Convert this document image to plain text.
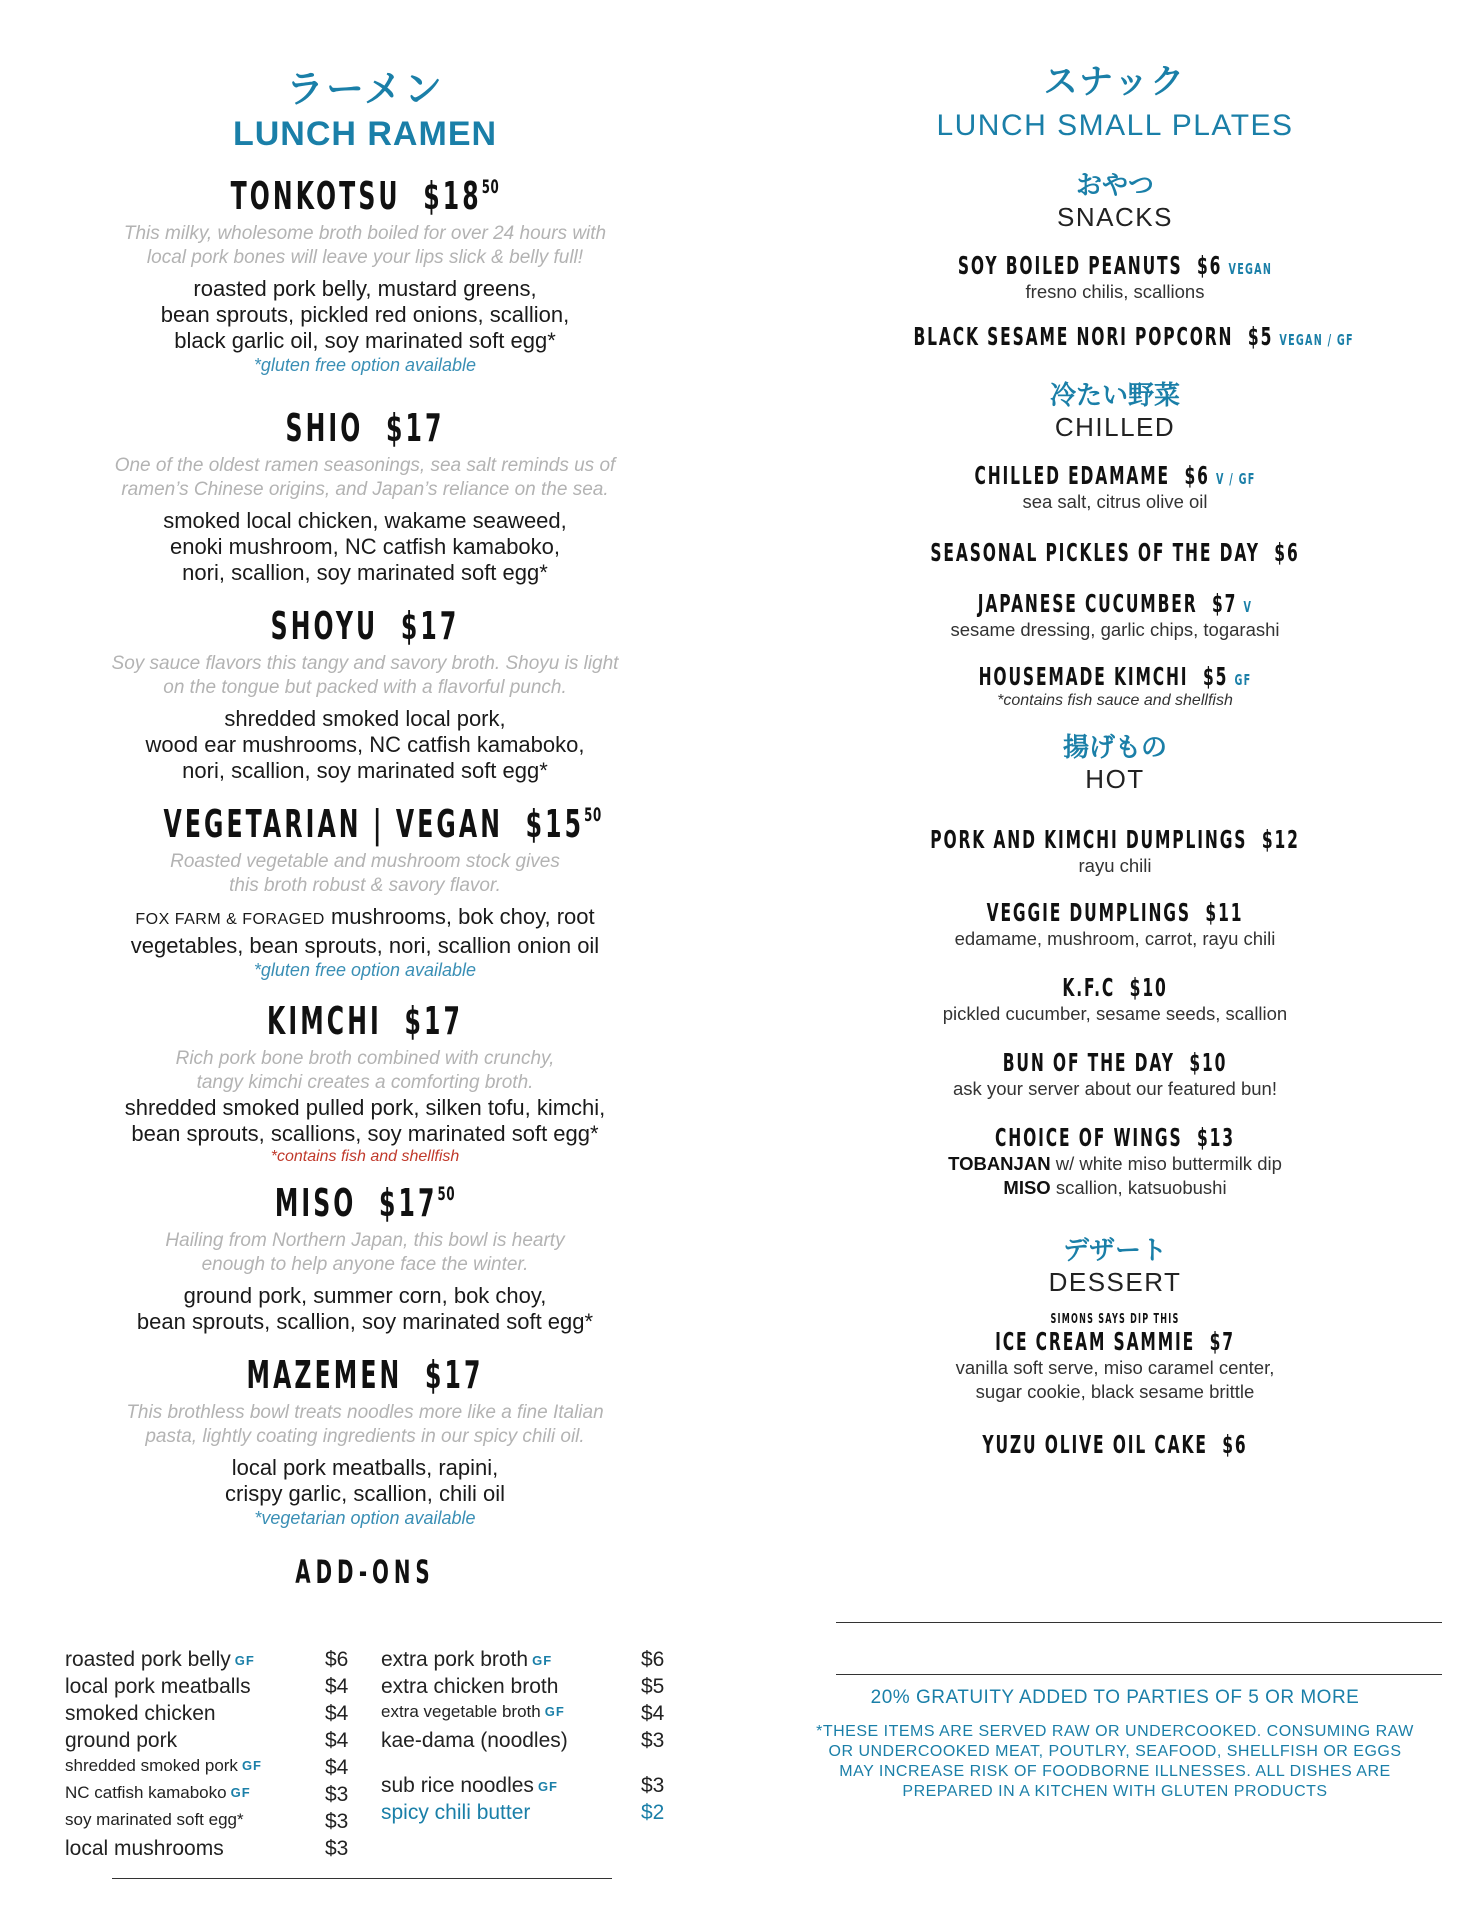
ラーメン
LUNCH RAMEN
TONKOTSU $\$18^{50}$
This milky, wholesome broth boiled for over 24 hours with
local pork bones will leave your lips slick & belly full!
roasted pork belly, mustard greens,
bean sprouts, pickled red onions, scallion,
black garlic oil, soy marinated soft egg*
*gluten free option available
SHIO $17
One of the oldest ramen seasonings, sea salt reminds us of
ramen’s Chinese origins, and Japan’s reliance on the sea.
smoked local chicken, wakame seaweed,
enoki mushroom, NC catfish kamaboko,
nori, scallion, soy marinated soft egg*
SHOYU $17
Soy sauce flavors this tangy and savory broth. Shoyu is light
on the tongue but packed with a flavorful punch.
shredded smoked local pork,
wood ear mushrooms, NC catfish kamaboko,
nori, scallion, soy marinated soft egg*
VEGETARIAN | VEGAN $\$15^{50}$
Roasted vegetable and mushroom stock gives
this broth robust & savory flavor.
FOX FARM & FORAGED mushrooms, bok choy, root
vegetables, bean sprouts, nori, scallion onion oil
*gluten free option available
KIMCHI $17
Rich pork bone broth combined with crunchy,
tangy kimchi creates a comforting broth.
shredded smoked pulled pork, silken tofu, kimchi,
bean sprouts, scallions, soy marinated soft egg*
*contains fish and shellfish
MISO $\$17^{50}$
Hailing from Northern Japan, this bowl is hearty
enough to help anyone face the winter.
ground pork, summer corn, bok choy,
bean sprouts, scallion, soy marinated soft egg*
MAZEMEN $17
This brothless bowl treats noodles more like a fine Italian
pasta, lightly coating ingredients in our spicy chili oil.
local pork meatballs, rapini,
crispy garlic, scallion, chili oil
*vegetarian option available
ADD-ONS
roasted pork belly GF	$6
local pork meatballs	$4
smoked chicken	$4
ground pork	$4
shredded smoked pork GF	$4
NC catfish kamaboko GF	$3
soy marinated soft egg*	$3
local mushrooms	$3
extra pork broth GF	$6
extra chicken broth	$5
extra vegetable broth GF	$4
kae-dama (noodles)	$3
sub rice noodles GF	$3
spicy chili butter	$2
スナック
LUNCH SMALL PLATES
おやつ
SNACKS
SOY BOILED PEANUTS $6 VEGAN
fresno chilis, scallions
BLACK SESAME NORI POPCORN $5 VEGAN / GF
冷たい野菜
CHILLED
CHILLED EDAMAME $6 V / GF
sea salt, citrus olive oil
SEASONAL PICKLES OF THE DAY $6
JAPANESE CUCUMBER $7 V
sesame dressing, garlic chips, togarashi
HOUSEMADE KIMCHI $5 GF
*contains fish sauce and shellfish
揚げもの
HOT
PORK AND KIMCHI DUMPLINGS $12
rayu chili
VEGGIE DUMPLINGS $11
edamame, mushroom, carrot, rayu chili
K.F.C $10
pickled cucumber, sesame seeds, scallion
BUN OF THE DAY $10
ask your server about our featured bun!
CHOICE OF WINGS $13
TOBANJAN w/ white miso buttermilk dip
MISO scallion, katsuobushi
デザート
DESSERT
SIMONS SAYS DIP THIS
ICE CREAM SAMMIE $7
vanilla soft serve, miso caramel center,
sugar cookie, black sesame brittle
YUZU OLIVE OIL CAKE $6
20% GRATUITY ADDED TO PARTIES OF 5 OR MORE
*THESE ITEMS ARE SERVED RAW OR UNDERCOOKED. CONSUMING RAW
OR UNDERCOOKED MEAT, POUTLRY, SEAFOOD, SHELLFISH OR EGGS
MAY INCREASE RISK OF FOODBORNE ILLNESSES. ALL DISHES ARE
PREPARED IN A KITCHEN WITH GLUTEN PRODUCTS
